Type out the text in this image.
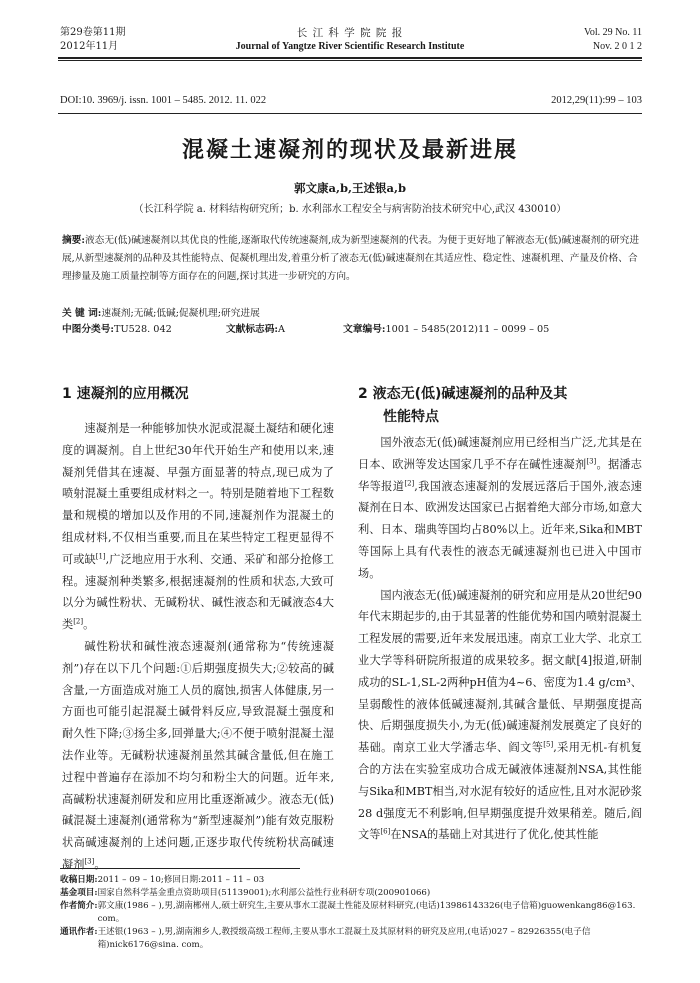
第29卷第11期
2012年11月
长 江 科 学 院 院 报
Journal of Yangtze River Scientific Research Institute
Vol. 29 No. 11
Nov. 2 0 1 2
DOI:10. 3969/j. issn. 1001 – 5485. 2012. 11. 022	2012,29(11):99 – 103
混凝土速凝剂的现状及最新进展
郭文康a,b,王述银a,b
（长江科学院 a. 材料结构研究所；b. 水利部水工程安全与病害防治技术研究中心,武汉 430010）
摘要:液态无(低)碱速凝剂以其优良的性能,逐渐取代传统速凝剂,成为新型速凝剂的代表。为便于更好地了解液态无(低)碱速凝剂的研究进展,从新型速凝剂的品种及其性能特点、促凝机理出发,着重分析了液态无(低)碱速凝剂在其适应性、稳定性、速凝机理、产量及价格、合理掺量及施工质量控制等方面存在的问题,探讨其进一步研究的方向。
关 键 词:速凝剂;无碱;低碱;促凝机理;研究进展
中图分类号:TU528. 042	文献标志码:A	文章编号:1001 – 5485(2012)11 – 0099 – 05
1 速凝剂的应用概况

速凝剂是一种能够加快水泥或混凝土凝结和硬化速度的调凝剂。自上世纪30年代开始生产和使用以来,速凝剂凭借其在速凝、早强方面显著的特点,现已成为了喷射混凝土重要组成材料之一。特别是随着地下工程数量和规模的增加以及作用的不同,速凝剂作为混凝土的组成材料,不仅相当重要,而且在某些特定工程更显得不可或缺[1],广泛地应用于水利、交通、采矿和部分抢修工程。速凝剂种类繁多,根据速凝剂的性质和状态,大致可以分为碱性粉状、无碱粉状、碱性液态和无碱液态4大类[2]。

碱性粉状和碱性液态速凝剂(通常称为“传统速凝剂”)存在以下几个问题:①后期强度损失大;②较高的碱含量,一方面造成对施工人员的腐蚀,损害人体健康,另一方面也可能引起混凝土碱骨料反应,导致混凝土强度和耐久性下降;③扬尘多,回弹量大;④不便于喷射混凝土湿法作业等。无碱粉状速凝剂虽然其碱含量低,但在施工过程中普遍存在添加不均匀和粉尘大的问题。近年来,高碱粉状速凝剂研发和应用比重逐渐减少。液态无(低)碱混凝土速凝剂(通常称为“新型速凝剂”)能有效克服粉状高碱速凝剂的上述问题,正逐步取代传统粉状高碱速凝剂[3]。

2 液态无(低)碱速凝剂的品种及其
性能特点

国外液态无(低)碱速凝剂应用已经相当广泛,尤其是在日本、欧洲等发达国家几乎不存在碱性速凝剂[3]。据潘志华等报道[2],我国液态速凝剂的发展远落后于国外,液态速凝剂在日本、欧洲发达国家已占据着绝大部分市场,如意大利、日本、瑞典等国均占80%以上。近年来,Sika和MBT等国际上具有代表性的液态无碱速凝剂也已进入中国市场。

国内液态无(低)碱速凝剂的研究和应用是从20世纪90年代末期起步的,由于其显著的性能优势和国内喷射混凝土工程发展的需要,近年来发展迅速。南京工业大学、北京工业大学等科研院所报道的成果较多。据文献[4]报道,研制成功的SL-1,SL-2两种pH值为4~6、密度为1.4 g/cm³、呈弱酸性的液体低碱速凝剂,其碱含量低、早期强度提高快、后期强度损失小,为无(低)碱速凝剂发展奠定了良好的基础。南京工业大学潘志华、阎文等[5],采用无机-有机复合的方法在实验室成功合成无碱液体速凝剂NSA,其性能与Sika和MBT相当,对水泥有较好的适应性,且对水泥砂浆28 d强度无不利影响,但早期强度提升效果稍差。随后,阎文等[6]在NSA的基础上对其进行了优化,使其性能

收稿日期: 2011 – 09 – 10;修回日期:2011 – 11 – 03
基金项目: 国家自然科学基金重点资助项目(51139001);水利部公益性行业科研专项(200901066)
作者简介: 郭文康(1986 – ),男,湖南郴州人,硕士研究生,主要从事水工混凝土性能及原材料研究,(电话)13986143326(电子信箱)guowenkang86@163. com。
通讯作者: 王述银(1963 – ),男,湖南湘乡人,教授级高级工程师,主要从事水工混凝土及其原材料的研究及应用,(电话)027 – 82926355(电子信箱)nick6176@sina. com。
